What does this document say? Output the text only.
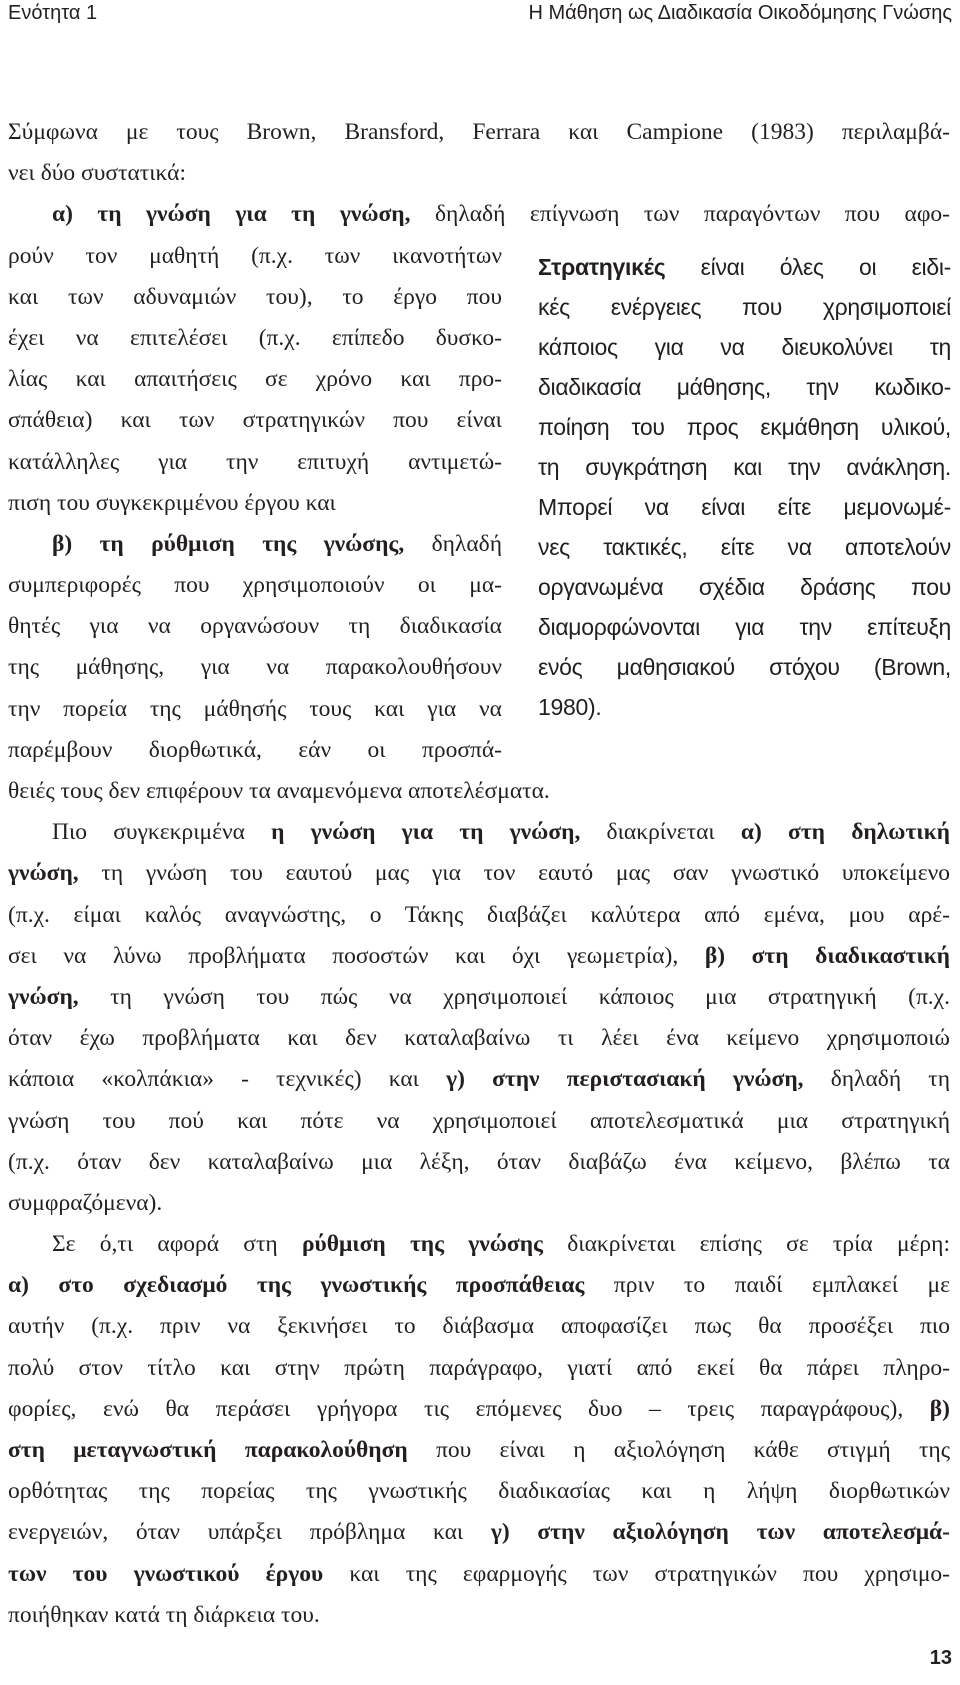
Ενότητα 1	Η Μάθηση ως Διαδικασία Οικοδόμησης Γνώσης
Στρατηγικές είναι όλες οι ειδι-
κές ενέργειες που χρησιμοποιεί
κάποιος για να διευκολύνει τη
διαδικασία μάθησης, την κωδικο-
ποίηση του προς εκμάθηση υλικού,
τη συγκράτηση και την ανάκληση.
Μπορεί να είναι είτε μεμονωμέ-
νες τακτικές, είτε να αποτελούν
οργανωμένα σχέδια δράσης που
διαμορφώνονται για την επίτευξη
ενός μαθησιακού στόχου (Brown,
1980).
Σύμφωνα με τους Brown, Bransford, Ferrara και Campione (1983) περιλαμβά-
νει δύο συστατικά:
α) τη γνώση για τη γνώση, δηλαδή επίγνωση των παραγόντων που αφο-
ρούν τον μαθητή (π.χ. των ικανοτήτων
και των αδυναμιών του), το έργο που
έχει να επιτελέσει (π.χ. επίπεδο δυσκο-
λίας και απαιτήσεις σε χρόνο και προ-
σπάθεια) και των στρατηγικών που είναι
κατάλληλες για την επιτυχή αντιμετώ-
πιση του συγκεκριμένου έργου και
β) τη ρύθμιση της γνώσης, δηλαδή
συμπεριφορές που χρησιμοποιούν οι μα-
θητές για να οργανώσουν τη διαδικασία
της μάθησης, για να παρακολουθήσουν
την πορεία της μάθησής τους και για να
παρέμβουν διορθωτικά, εάν οι προσπά-
θειές τους δεν επιφέρουν τα αναμενόμενα αποτελέσματα.
Πιο συγκεκριμένα η γνώση για τη γνώση, διακρίνεται α) στη δηλωτική
γνώση, τη γνώση του εαυτού μας για τον εαυτό μας σαν γνωστικό υποκείμενο
(π.χ. είμαι καλός αναγνώστης, ο Τάκης διαβάζει καλύτερα από εμένα, μου αρέ-
σει να λύνω προβλήματα ποσοστών και όχι γεωμετρία), β) στη διαδικαστική
γνώση, τη γνώση του πώς να χρησιμοποιεί κάποιος μια στρατηγική (π.χ.
όταν έχω προβλήματα και δεν καταλαβαίνω τι λέει ένα κείμενο χρησιμοποιώ
κάποια «κολπάκια» - τεχνικές) και γ) στην περιστασιακή γνώση, δηλαδή τη
γνώση του πού και πότε να χρησιμοποιεί αποτελεσματικά μια στρατηγική
(π.χ. όταν δεν καταλαβαίνω μια λέξη, όταν διαβάζω ένα κείμενο, βλέπω τα
συμφραζόμενα).
Σε ό,τι αφορά στη ρύθμιση της γνώσης διακρίνεται επίσης σε τρία μέρη:
α) στο σχεδιασμό της γνωστικής προσπάθειας πριν το παιδί εμπλακεί με
αυτήν (π.χ. πριν να ξεκινήσει το διάβασμα αποφασίζει πως θα προσέξει πιο
πολύ στον τίτλο και στην πρώτη παράγραφο, γιατί από εκεί θα πάρει πληρο-
φορίες, ενώ θα περάσει γρήγορα τις επόμενες δυο – τρεις παραγράφους), β)
στη μεταγνωστική παρακολούθηση που είναι η αξιολόγηση κάθε στιγμή της
ορθότητας της πορείας της γνωστικής διαδικασίας και η λήψη διορθωτικών
ενεργειών, όταν υπάρξει πρόβλημα και γ) στην αξιολόγηση των αποτελεσμά-
των του γνωστικού έργου και της εφαρμογής των στρατηγικών που χρησιμο-
ποιήθηκαν κατά τη διάρκεια του.
13
